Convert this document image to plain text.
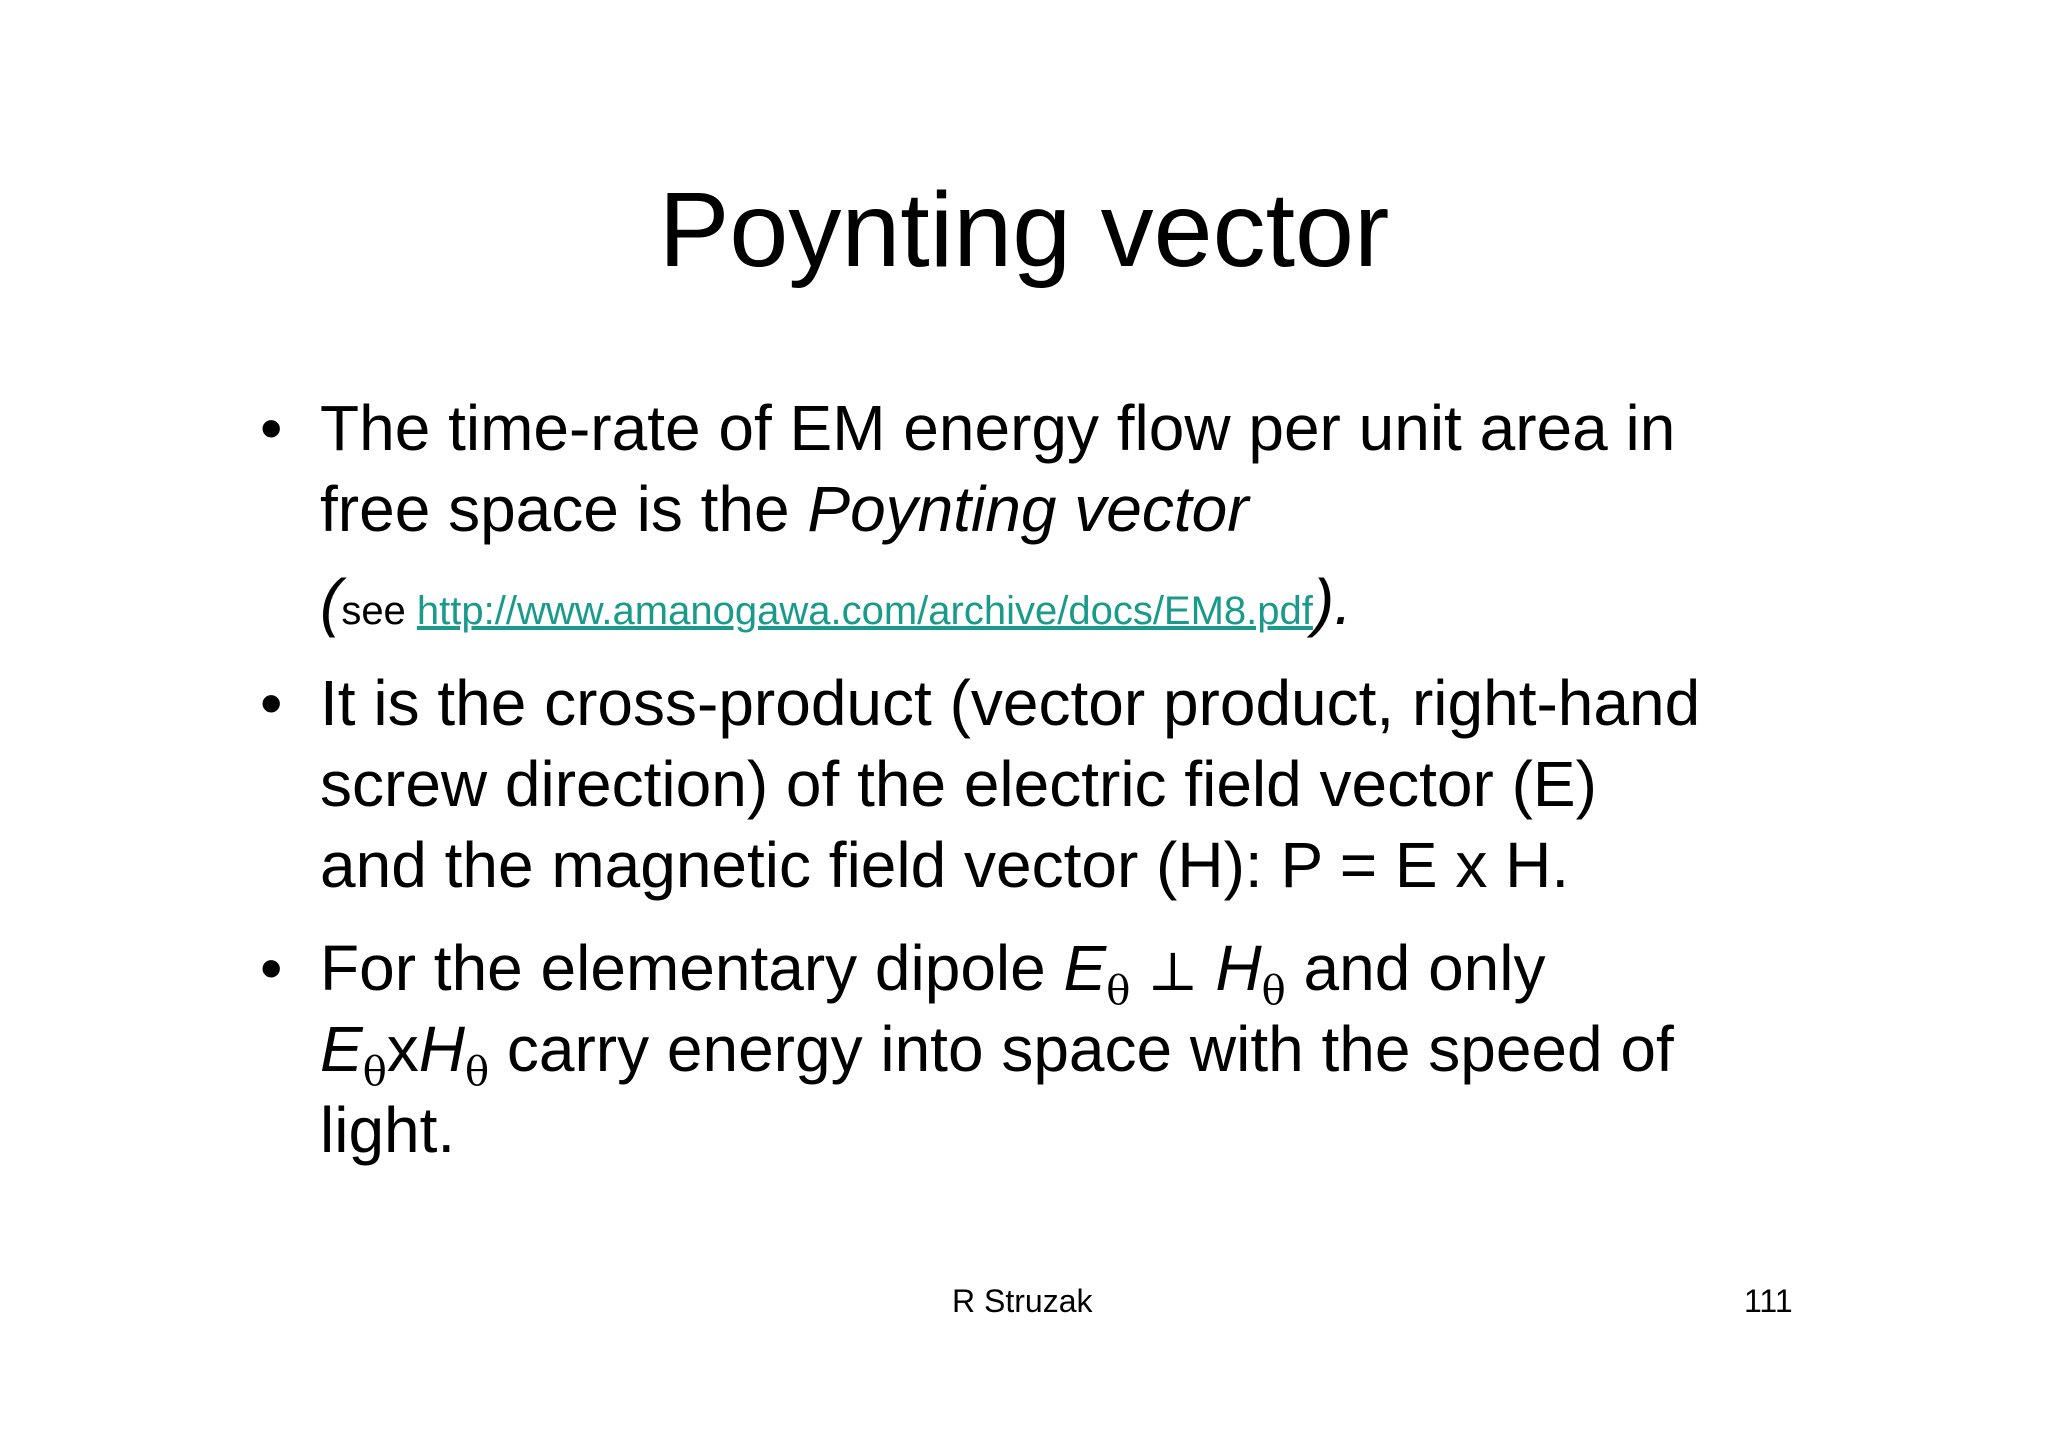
Poynting vector
• The time-rate of EM energy flow per unit area in
free space is the Poynting vector
(see http://www.amanogawa.com/archive/docs/EM8.pdf).
• It is the cross-product (vector product, right-hand
screw direction) of the electric field vector (E)
and the magnetic field vector (H): P = E x H.
• For the elementary dipole $E_\theta$ ⊥ $H_\theta$ and only
$E_\theta xH_\theta$ carry energy into space with the speed of
light.
R Struzak	111
